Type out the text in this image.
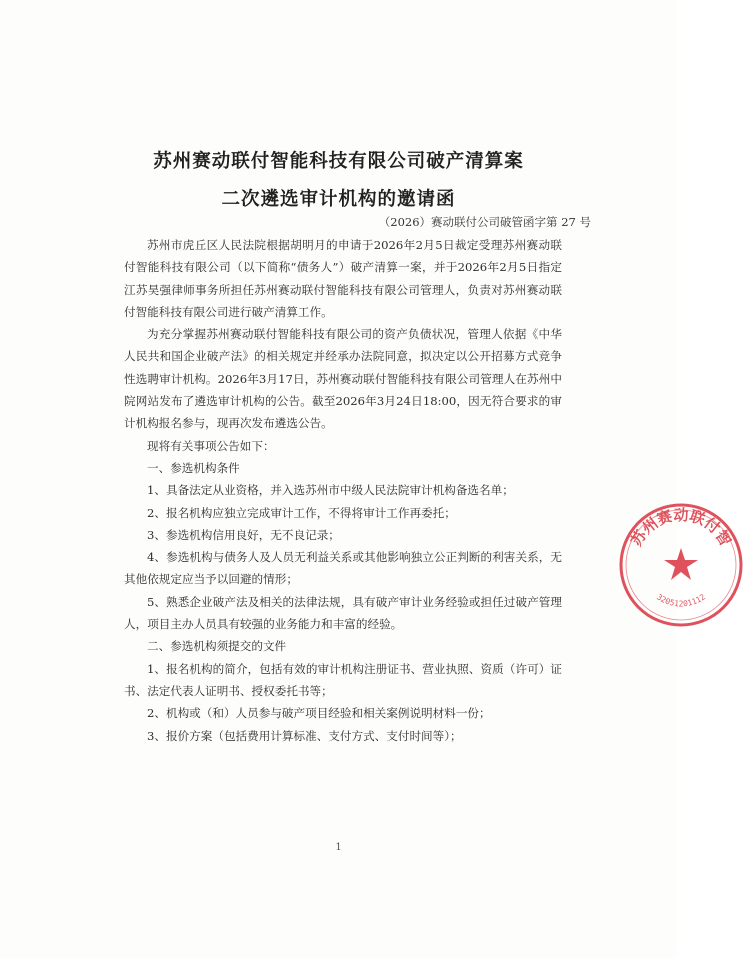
苏州赛动联付智能科技有限公司破产清算案
二次遴选审计机构的邀请函
（2026）赛动联付公司破管函字第 27 号

苏州市虎丘区人民法院根据胡明月的申请于2026年2月5日裁定受理苏州赛动联付智能科技有限公司（以下简称“债务人”）破产清算一案，并于2026年2月5日指定江苏昊强律师事务所担任苏州赛动联付智能科技有限公司管理人，负责对苏州赛动联付智能科技有限公司进行破产清算工作。

为充分掌握苏州赛动联付智能科技有限公司的资产负债状况，管理人依据《中华人民共和国企业破产法》的相关规定并经承办法院同意，拟决定以公开招募方式竞争性选聘审计机构。2026年3月17日，苏州赛动联付智能科技有限公司管理人在苏州中院网站发布了遴选审计机构的公告。截至2026年3月24日18:00，因无符合要求的审计机构报名参与，现再次发布遴选公告。

现将有关事项公告如下：

一、参选机构条件

1、具备法定从业资格，并入选苏州市中级人民法院审计机构备选名单；

2、报名机构应独立完成审计工作，不得将审计工作再委托；

3、参选机构信用良好，无不良记录；

4、参选机构与债务人及人员无利益关系或其他影响独立公正判断的利害关系，无其他依规定应当予以回避的情形；

5、熟悉企业破产法及相关的法律法规，具有破产审计业务经验或担任过破产管理人，项目主办人员具有较强的业务能力和丰富的经验。

二、参选机构须提交的文件

1、报名机构的简介，包括有效的审计机构注册证书、营业执照、资质（许可）证书、法定代表人证明书、授权委托书等；

2、机构或（和）人员参与破产项目经验和相关案例说明材料一份；

3、报价方案（包括费用计算标准、支付方式、支付时间等）；

1
苏州赛动联付智
32051201112
